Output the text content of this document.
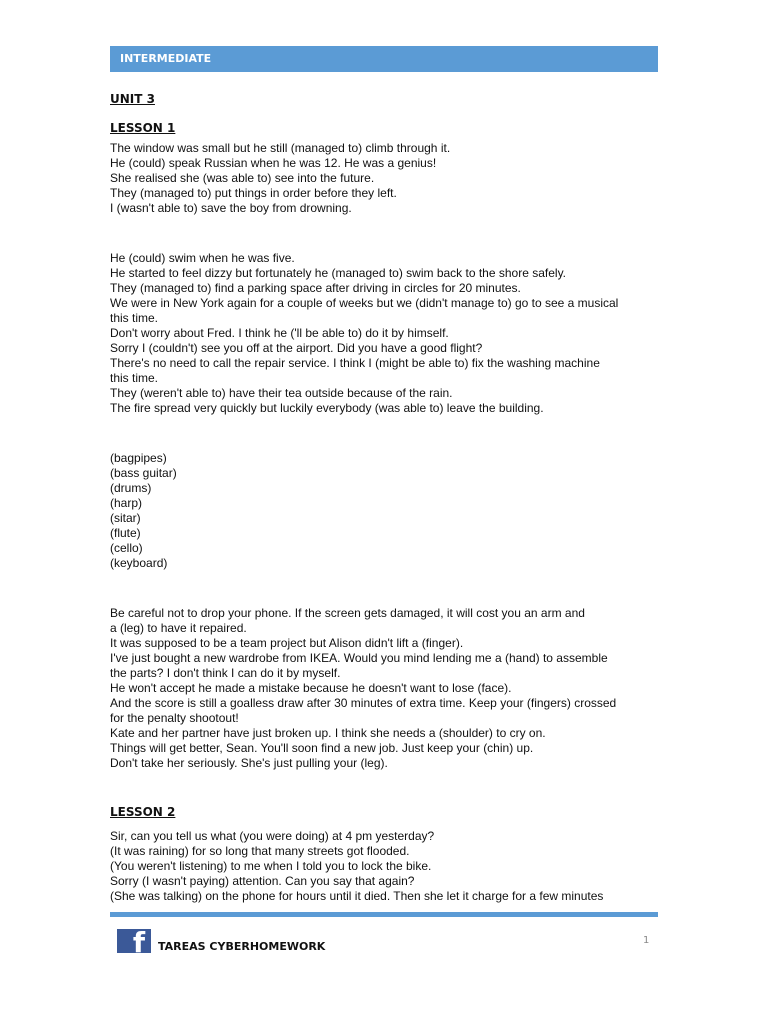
INTERMEDIATE

UNIT 3

LESSON 1

The window was small but he still (managed to) climb through it.
He (could) speak Russian when he was 12. He was a genius!
She realised she (was able to) see into the future.
They (managed to) put things in order before they left.
I (wasn't able to) save the boy from drowning.
He (could) swim when he was five.
He started to feel dizzy but fortunately he (managed to) swim back to the shore safely.
They (managed to) find a parking space after driving in circles for 20 minutes.
We were in New York again for a couple of weeks but we (didn't manage to) go to see a musical
this time.
Don't worry about Fred. I think he ('ll be able to) do it by himself.
Sorry I (couldn't) see you off at the airport. Did you have a good flight?
There's no need to call the repair service. I think I (might be able to) fix the washing machine
this time.
They (weren't able to) have their tea outside because of the rain.
The fire spread very quickly but luckily everybody (was able to) leave the building.
(bagpipes)
(bass guitar)
(drums)
(harp)
(sitar)
(flute)
(cello)
(keyboard)
Be careful not to drop your phone. If the screen gets damaged, it will cost you an arm and
a (leg) to have it repaired.
It was supposed to be a team project but Alison didn't lift a (finger).
I've just bought a new wardrobe from IKEA. Would you mind lending me a (hand) to assemble
the parts? I don't think I can do it by myself.
He won't accept he made a mistake because he doesn't want to lose (face).
And the score is still a goalless draw after 30 minutes of extra time. Keep your (fingers) crossed
for the penalty shootout!
Kate and her partner have just broken up. I think she needs a (shoulder) to cry on.
Things will get better, Sean. You'll soon find a new job. Just keep your (chin) up.
Don't take her seriously. She's just pulling your (leg).

LESSON 2

Sir, can you tell us what (you were doing) at 4 pm yesterday?
(It was raining) for so long that many streets got flooded.
(You weren't listening) to me when I told you to lock the bike.
Sorry (I wasn't paying) attention. Can you say that again?
(She was talking) on the phone for hours until it died. Then she let it charge for a few minutes
f TAREAS CYBERHOMEWORK	1
